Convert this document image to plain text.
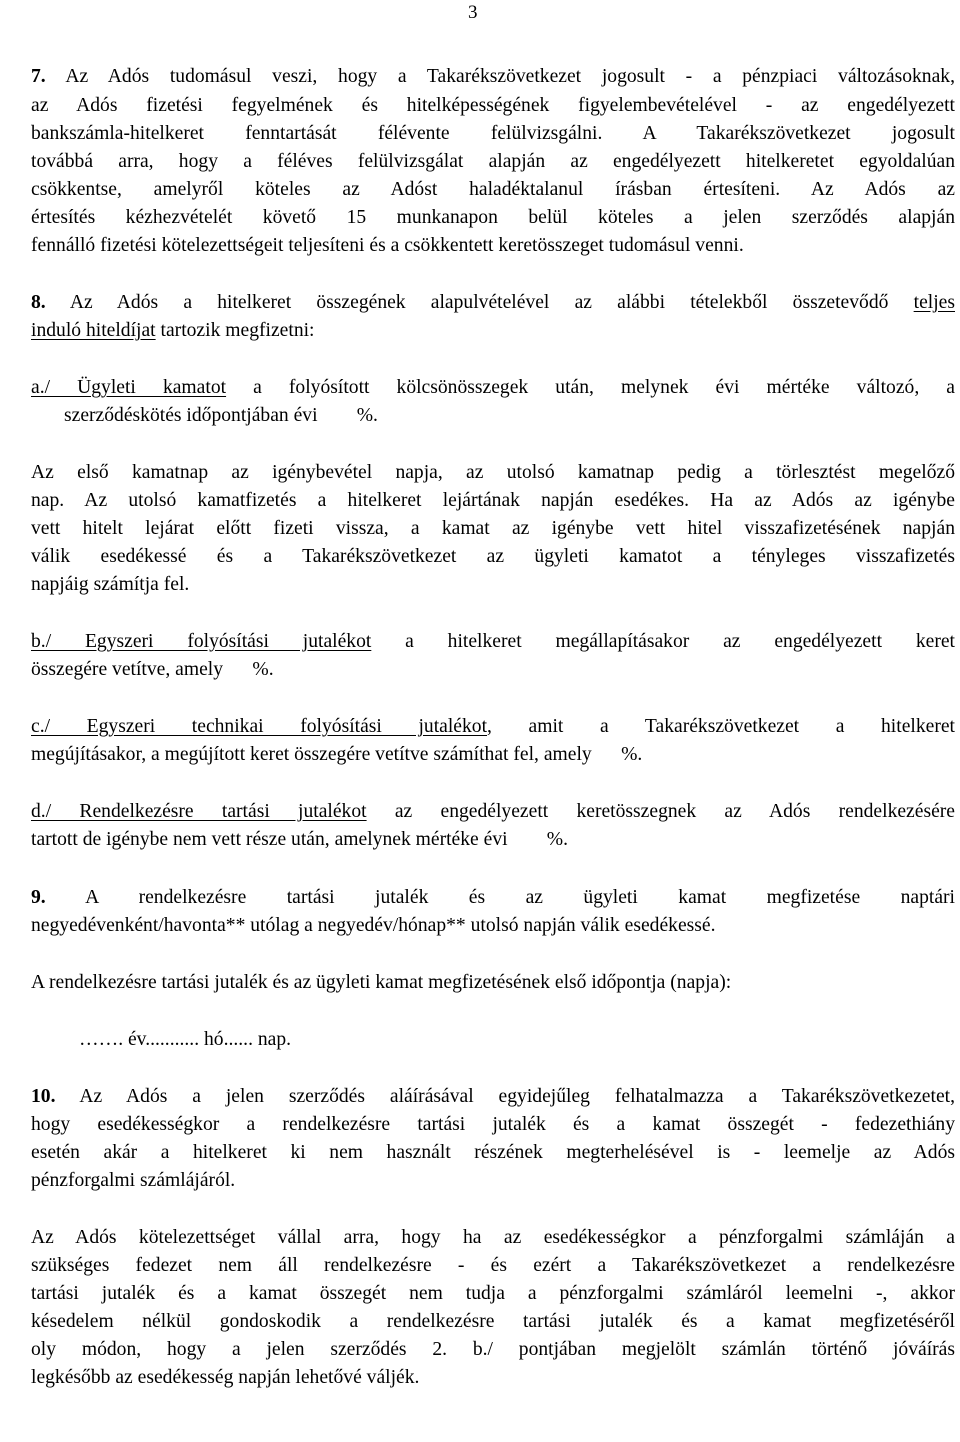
3
7. Az Adós tudomásul veszi, hogy a Takarékszövetkezet jogosult - a pénzpiaci változásoknak,
az Adós fizetési fegyelmének és hitelképességének figyelembevételével - az engedélyezett
bankszámla-hitelkeret fenntartását félévente felülvizsgálni. A Takarékszövetkezet jogosult
továbbá arra, hogy a féléves felülvizsgálat alapján az engedélyezett hitelkeretet egyoldalúan
csökkentse, amelyről köteles az Adóst haladéktalanul írásban értesíteni. Az Adós az
értesítés kézhezvételét követő 15 munkanapon belül köteles a jelen szerződés alapján
fennálló fizetési kötelezettségeit teljesíteni és a csökkentett keretösszeget tudomásul venni.
8. Az Adós a hitelkeret összegének alapulvételével az alábbi tételekből összetevődő teljes
induló hiteldíjat tartozik megfizetni:
a./ Ügyleti kamatot a folyósított kölcsönösszegek után, melynek évi mértéke változó, a
szerződéskötés időpontjában évi        %.
Az első kamatnap az igénybevétel napja, az utolsó kamatnap pedig a törlesztést megelőző
nap. Az utolsó kamatfizetés a hitelkeret lejártának napján esedékes. Ha az Adós az igénybe
vett hitelt lejárat előtt fizeti vissza, a kamat az igénybe vett hitel visszafizetésének napján
válik esedékessé és a Takarékszövetkezet az ügyleti kamatot a tényleges visszafizetés
napjáig számítja fel.
b./ Egyszeri folyósítási jutalékot a hitelkeret megállapításakor az engedélyezett keret
összegére vetítve, amely      %.
c./ Egyszeri technikai folyósítási jutalékot, amit a Takarékszövetkezet a hitelkeret
megújításakor, a megújított keret összegére vetítve számíthat fel, amely      %.
d./ Rendelkezésre tartási jutalékot az engedélyezett keretösszegnek az Adós rendelkezésére
tartott de igénybe nem vett része után, amelynek mértéke évi        %.
9. A rendelkezésre tartási jutalék és az ügyleti kamat megfizetése naptári
negyedévenként/havonta** utólag a negyedév/hónap** utolsó napján válik esedékessé.
A rendelkezésre tartási jutalék és az ügyleti kamat megfizetésének első időpontja (napja):
……. év........... hó...... nap.
10. Az Adós a jelen szerződés aláírásával egyidejűleg felhatalmazza a Takarékszövetkezetet,
hogy esedékességkor a rendelkezésre tartási jutalék és a kamat összegét - fedezethiány
esetén akár a hitelkeret ki nem használt részének megterhelésével is - leemelje az Adós
pénzforgalmi számlájáról.
Az Adós kötelezettséget vállal arra, hogy ha az esedékességkor a pénzforgalmi számláján a
szükséges fedezet nem áll rendelkezésre - és ezért a Takarékszövetkezet a rendelkezésre
tartási jutalék és a kamat összegét nem tudja a pénzforgalmi számláról leemelni -, akkor
késedelem nélkül gondoskodik a rendelkezésre tartási jutalék és a kamat megfizetéséről
oly módon, hogy a jelen szerződés 2. b./ pontjában megjelölt számlán történő jóváírás
legkésőbb az esedékesség napján lehetővé váljék.
